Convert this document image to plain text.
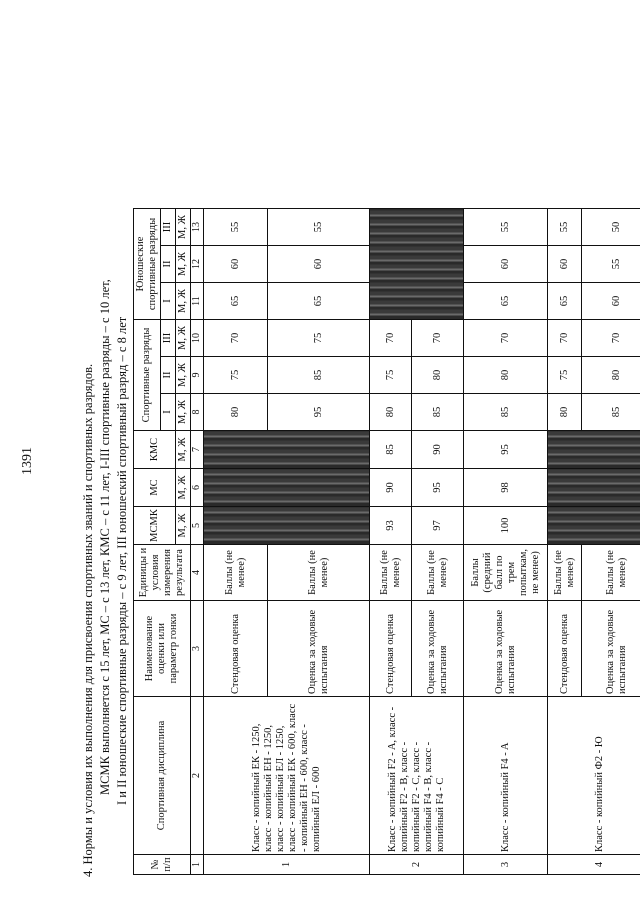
1391	4. Нормы и условия их выполнения для присвоения спортивных званий и спортивных разрядов. МСМК выполняется с 15 лет, МС – с 13 лет, КМС – с 11 лет, I-III спортивные разряды – с 10 лет, I и II юношеские спортивные разряды – с 9 лет, III юношеский спортивный разряд – с 8 лет
№ п/п	Спортивная дисциплина	Наименование оценки или параметр гонки	Единицы и условия измерения результата	МСМК	МС	КМС	Спортивные разряды			Юношеские спортивные разряды		
							I	II	III	I	II	III
				М, Ж	М, Ж	М, Ж	М, Ж	М, Ж	М, Ж	М, Ж	М, Ж	М, Ж
1	2	3	4	5	6	7	8	9	10	11	12	13
1	Класс - копийный ЕК - 1250, класс - копийный ЕН - 1250, класс - копийный ЕЛ - 1250, класс - копийный ЕК - 600, класс - копийный ЕН - 600, класс - копийный ЕЛ - 600	Стендовая оценка	Баллы (не менее)				80	75	70	65	60	55
		Оценка за ходовые испытания	Баллы (не менее)				95	85	75	65	60	55
2	Класс - копийный F2 - A, класс - копийный F2 - B, класс - копийный F2 - C, класс - копийный F4 - B, класс - копийный F4 - C	Стендовая оценка	Баллы (не менее)	93	90	85	80	75	70			
		Оценка за ходовые испытания	Баллы (не менее)	97	95	90	85	80	70			
3	Класс - копийный F4 - A	Оценка за ходовые испытания	Баллы (средний балл по трем попыткам, не менее)	100	98	95	85	80	70	65	60	55
4	Класс - копийный Ф2 - Ю	Стендовая оценка	Баллы (не менее)				80	75	70	65	60	55
		Оценка за ходовые испытания	Баллы (не менее)				85	80	70	60	55	50
